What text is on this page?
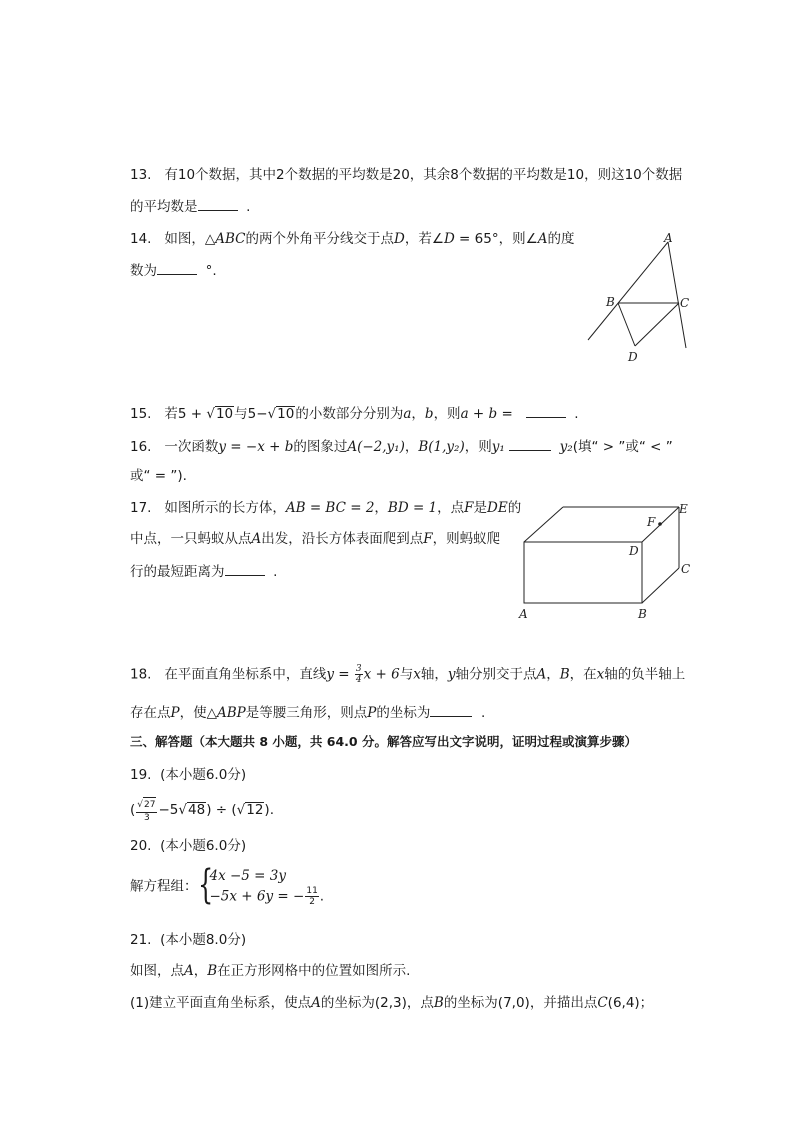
13. 有10个数据，其中2个数据的平均数是20，其余8个数据的平均数是10，则这10个数据
的平均数是	.
14. 如图，△ABC的两个外角平分线交于点D，若∠D = 65°，则∠A的度
数为	°.
A
B	C
D
15. 若5 + √10与5−√10的小数部分分别为a，b，则a + b =	.
16. 一次函数y = −x + b的图象过A(−2,y₁)，B(1,y₂)，则y₁	y₂(填“ > ”或“ < ”
或“ = ”).
17. 如图所示的长方体，AB = BC = 2，BD = 1，点F是DE的
中点，一只蚂蚁从点A出发，沿长方体表面爬到点F，则蚂蚁爬
行的最短距离为	.
A	B
C
D
E
F
18. 在平面直角坐标系中，直线$y = \frac{3}{4}$ x + 6与x轴，y轴分别交于点A，B，在x轴的负半轴上
存在点P，使△ABP是等腰三角形，则点P的坐标为	.
三、解答题（本大题共 8 小题，共 64.0 分。解答应写出文字说明，证明过程或演算步骤）
19. (本小题6.0分)
( $\frac{√27}{3} -5√48) \div (√12)$.
20. (本小题6.0分)
解方程组： {
4x −5 = 3y
−5x + 6y = − $\frac{11}{2}$ .
21. (本小题8.0分)
如图，点A，B在正方形网格中的位置如图所示.
(1)建立平面直角坐标系，使点A的坐标为(2,3)，点B的坐标为(7,0)，并描出点C(6,4)；
